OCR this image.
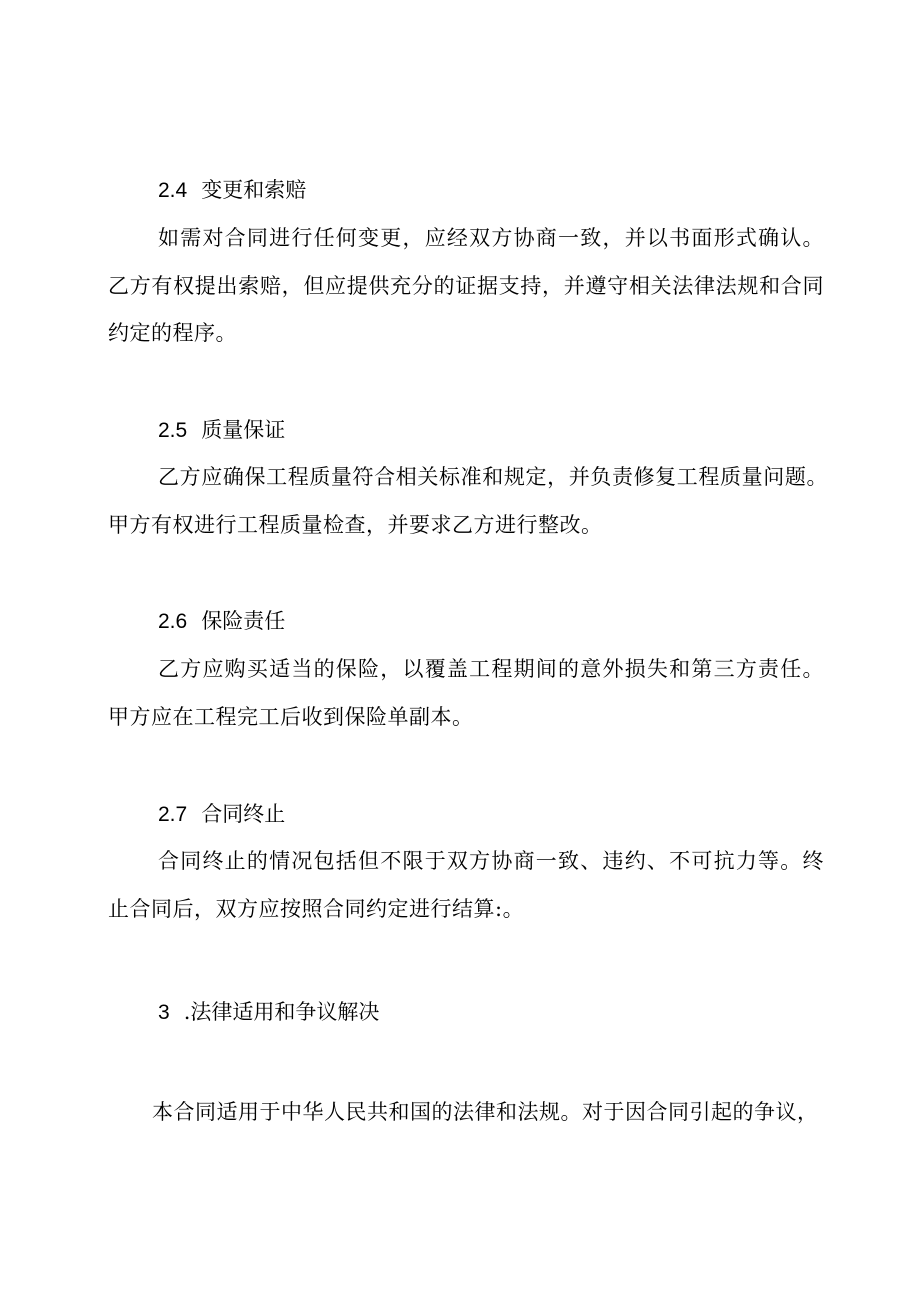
2.4 变更和索赔
如需对合同进行任何变更，应经双方协商一致，并以书面形式确认。乙方有权提出索赔，但应提供充分的证据支持，并遵守相关法律法规和合同约定的程序。
2.5 质量保证
乙方应确保工程质量符合相关标准和规定，并负责修复工程质量问题。甲方有权进行工程质量检查，并要求乙方进行整改。
2.6 保险责任
乙方应购买适当的保险，以覆盖工程期间的意外损失和第三方责任。甲方应在工程完工后收到保险单副本。
2.7 合同终止
合同终止的情况包括但不限于双方协商一致、违约、不可抗力等。终止合同后，双方应按照合同约定进行结算:。
3 .法律适用和争议解决
本合同适用于中华人民共和国的法律和法规。对于因合同引起的争议，
